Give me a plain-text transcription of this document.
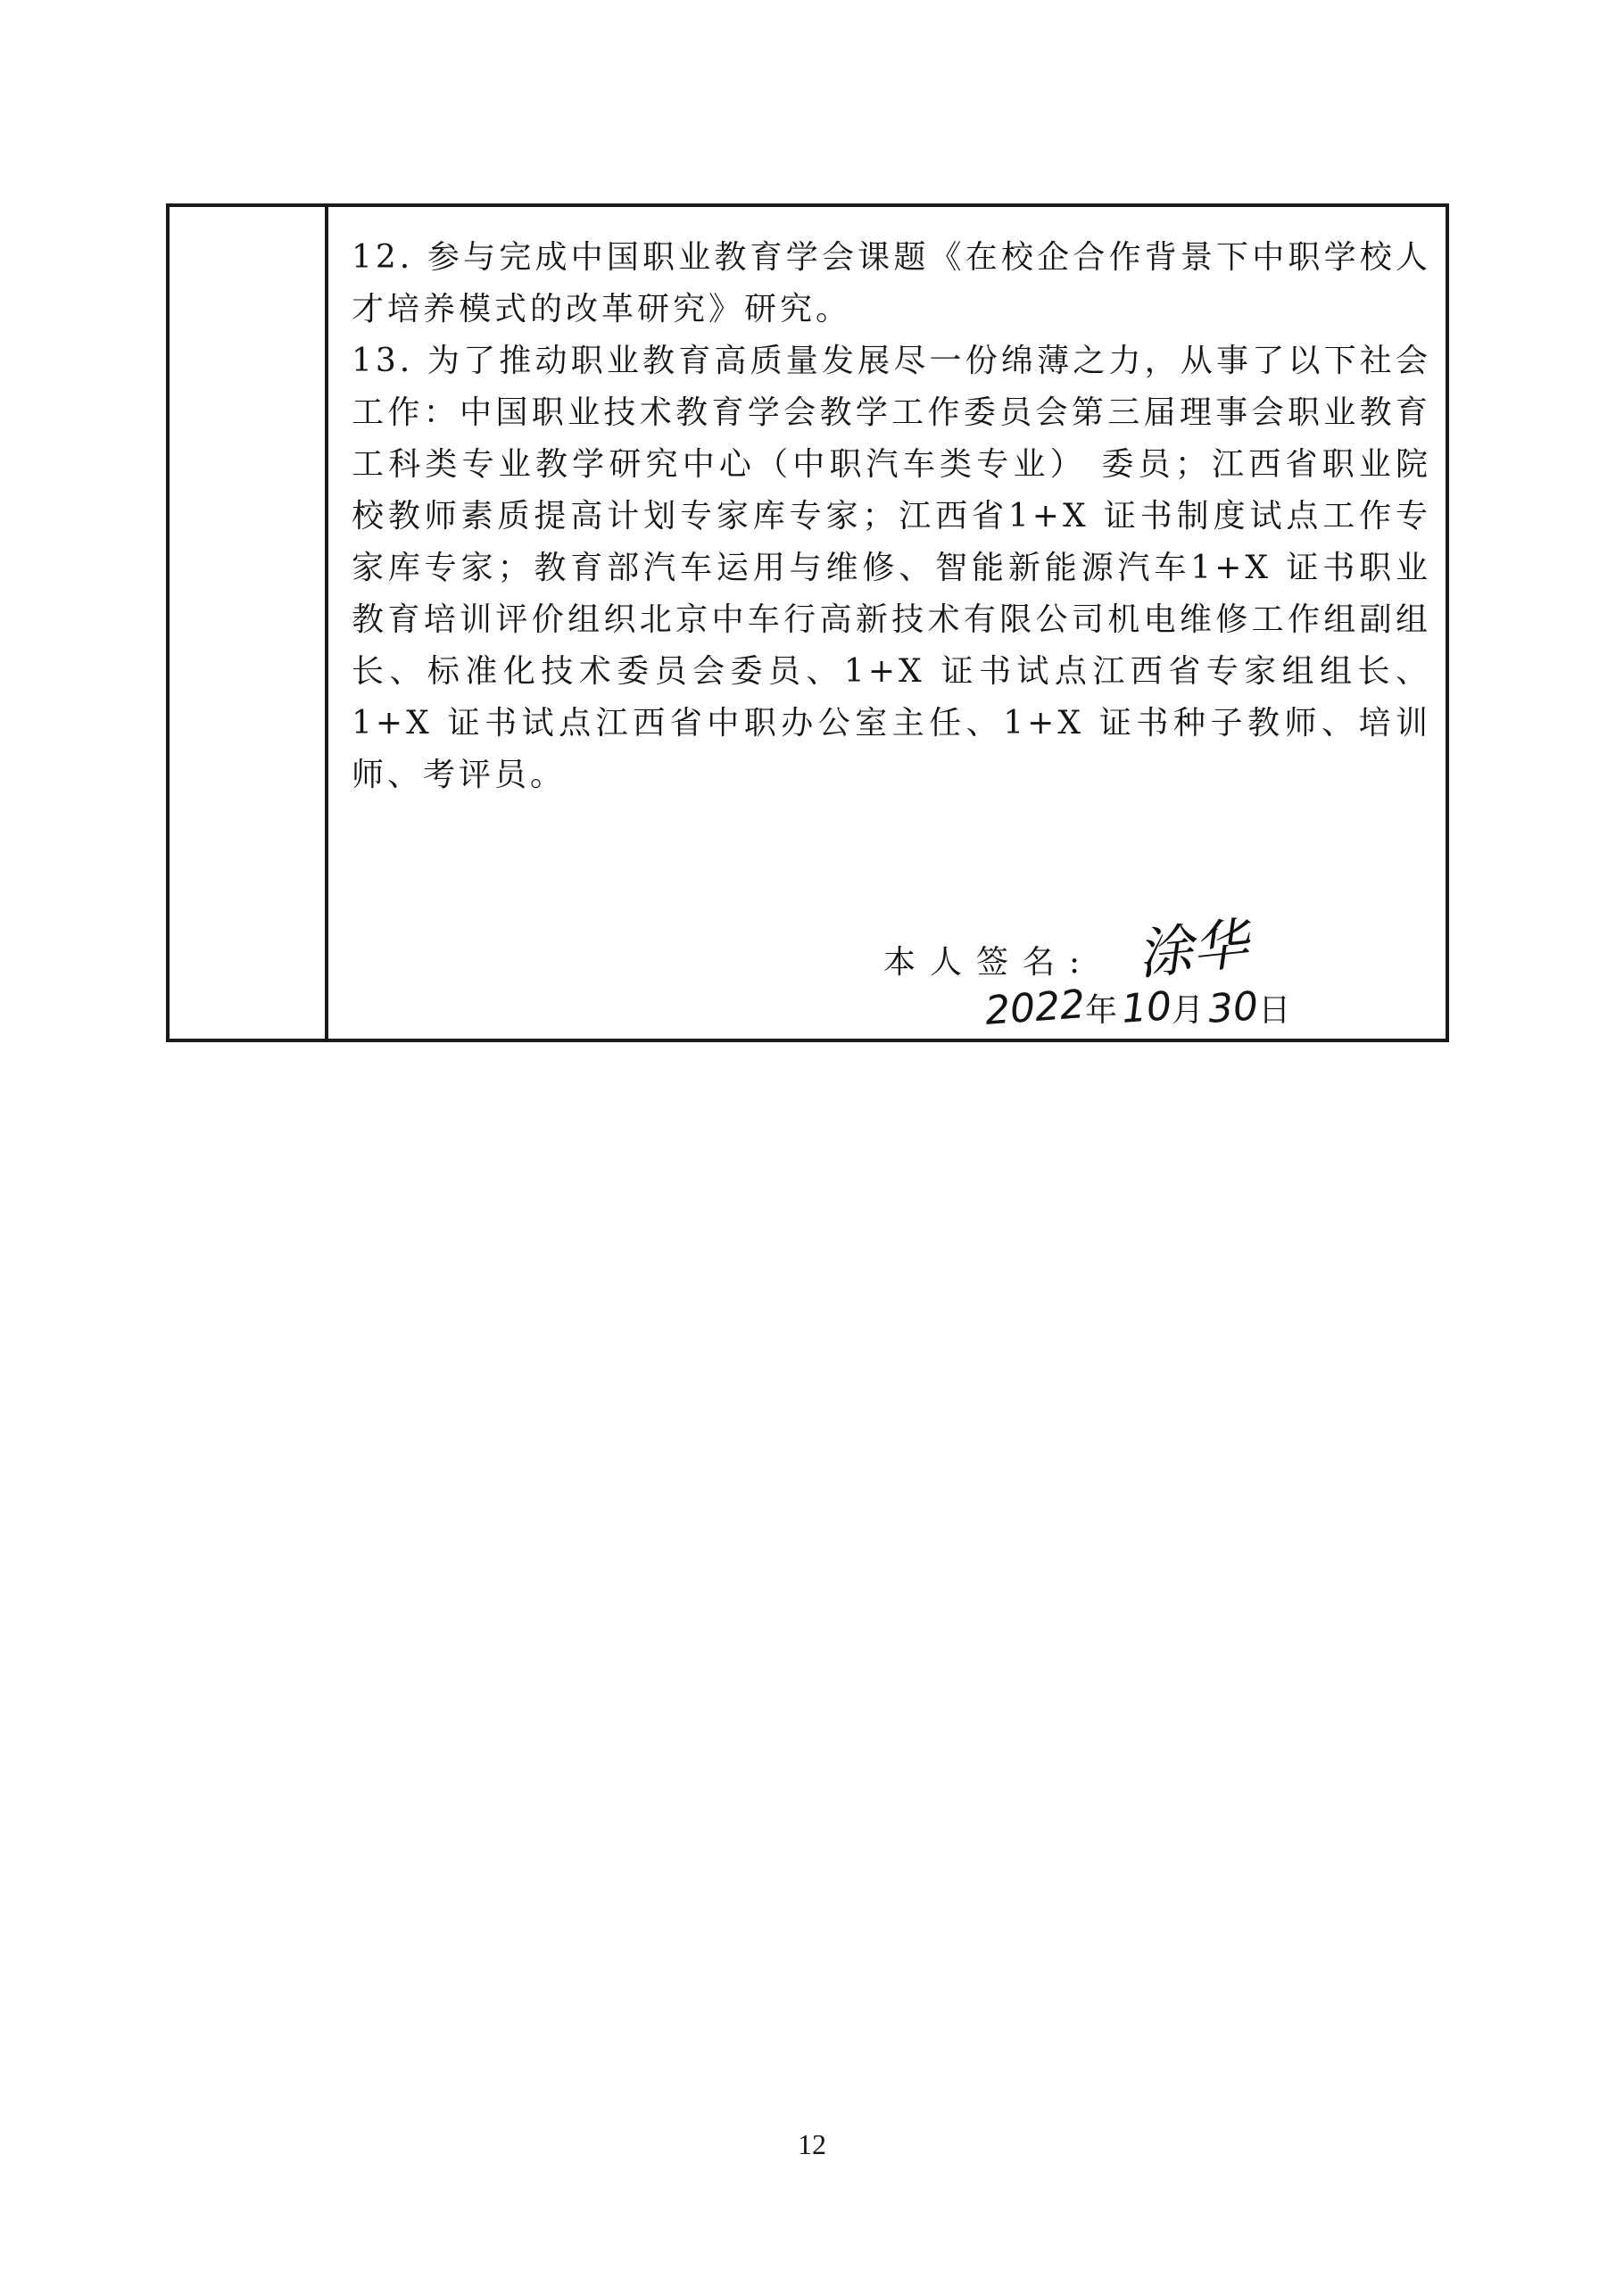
12. 参与完成中国职业教育学会课题《在校企合作背景下中职学校人才培养模式的改革研究》研究。

13. 为了推动职业教育高质量发展尽一份绵薄之力，从事了以下社会工作：中国职业技术教育学会教学工作委员会第三届理事会职业教育工科类专业教学研究中心（中职汽车类专业） 委员；江西省职业院校教师素质提高计划专家库专家；江西省1+X 证书制度试点工作专家库专家；教育部汽车运用与维修、智能新能源汽车1+X 证书职业教育培训评价组织北京中车行高新技术有限公司机电维修工作组副组长、标准化技术委员会委员、1+X 证书试点江西省专家组组长、1+X 证书试点江西省中职办公室主任、1+X 证书种子教师、培训师、考评员。

本人签名: 涂华
2022年 10月 30日
12
